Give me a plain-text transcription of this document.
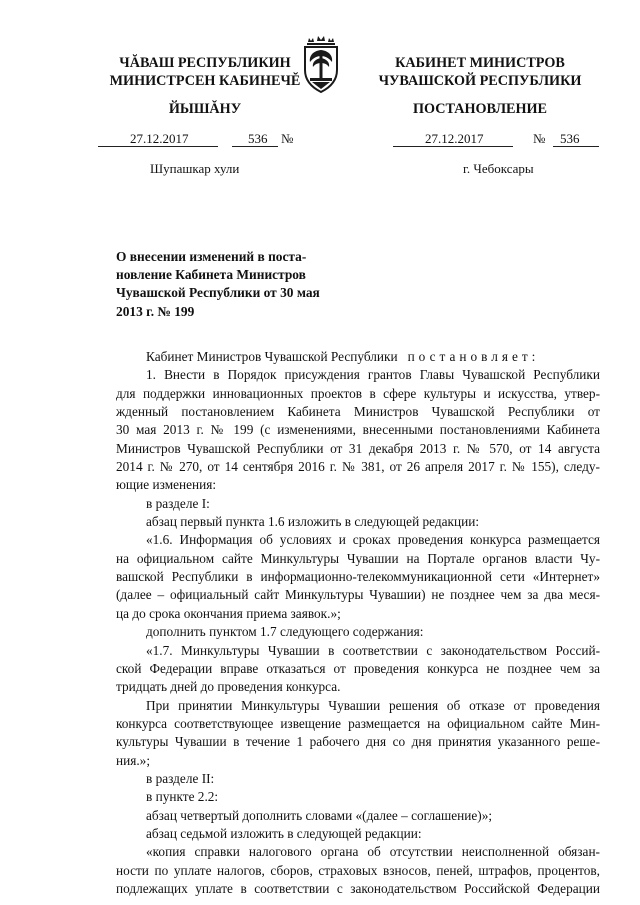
ЧĂВАШ РЕСПУБЛИКИН
МИНИСТРСЕН КАБИНЕЧĔ
ЙЫШĂНУ
КАБИНЕТ МИНИСТРОВ
ЧУВАШСКОЙ РЕСПУБЛИКИ
ПОСТАНОВЛЕНИЕ
27.12.2017	536 №	27.12.2017	№ 536
Шупашкар хули	г. Чебоксары
О внесении изменений в поста-
новление Кабинета Министров
Чувашской Республики от 30 мая
2013 г. № 199

Кабинет Министров Чувашской Республики постановляет:

1. Внести в Порядок присуждения грантов Главы Чувашской Республики

для поддержки инновационных проектов в сфере культуры и искусства, утвер-

жденный постановлением Кабинета Министров Чувашской Республики от

30 мая 2013 г. № 199 (с изменениями, внесенными постановлениями Кабинета

Министров Чувашской Республики от 31 декабря 2013 г. № 570, от 14 августа

2014 г. № 270, от 14 сентября 2016 г. № 381, от 26 апреля 2017 г. № 155), следу-

ющие изменения:

в разделе I:

абзац первый пункта 1.6 изложить в следующей редакции:

«1.6. Информация об условиях и сроках проведения конкурса размещается

на официальном сайте Минкультуры Чувашии на Портале органов власти Чу-

вашской Республики в информационно-телекоммуникационной сети «Интернет»

(далее – официальный сайт Минкультуры Чувашии) не позднее чем за два меся-

ца до срока окончания приема заявок.»;

дополнить пунктом 1.7 следующего содержания:

«1.7. Минкультуры Чувашии в соответствии с законодательством Россий-

ской Федерации вправе отказаться от проведения конкурса не позднее чем за

тридцать дней до проведения конкурса.

При принятии Минкультуры Чувашии решения об отказе от проведения

конкурса соответствующее извещение размещается на официальном сайте Мин-

культуры Чувашии в течение 1 рабочего дня со дня принятия указанного реше-

ния.»;

в разделе II:

в пункте 2.2:

абзац четвертый дополнить словами «(далее – соглашение)»;

абзац седьмой изложить в следующей редакции:

«копия справки налогового органа об отсутствии неисполненной обязан-

ности по уплате налогов, сборов, страховых взносов, пеней, штрафов, процентов,

подлежащих уплате в соответствии с законодательством Российской Федерации
